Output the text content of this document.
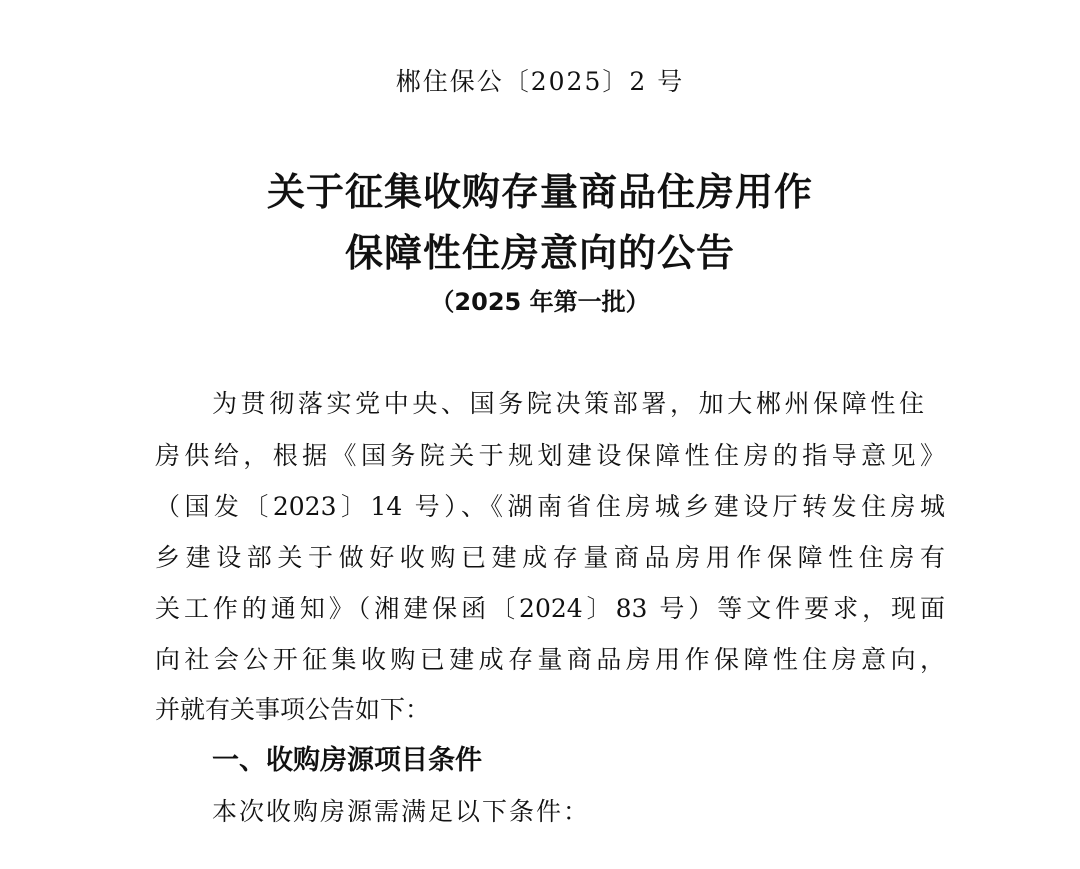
郴住保公〔2025〕2 号
关于征集收购存量商品住房用作
保障性住房意向的公告
（2025 年第一批）
为贯彻落实党中央、国务院决策部署，加大郴州保障性住
房供给，根据《国务院关于规划建设保障性住房的指导意见》
（国发〔2023〕14 号）、《湖南省住房城乡建设厅转发住房城
乡建设部关于做好收购已建成存量商品房用作保障性住房有
关工作的通知》（湘建保函〔2024〕83 号）等文件要求，现面
向社会公开征集收购已建成存量商品房用作保障性住房意向，
并就有关事项公告如下：
一、收购房源项目条件
本次收购房源需满足以下条件：
